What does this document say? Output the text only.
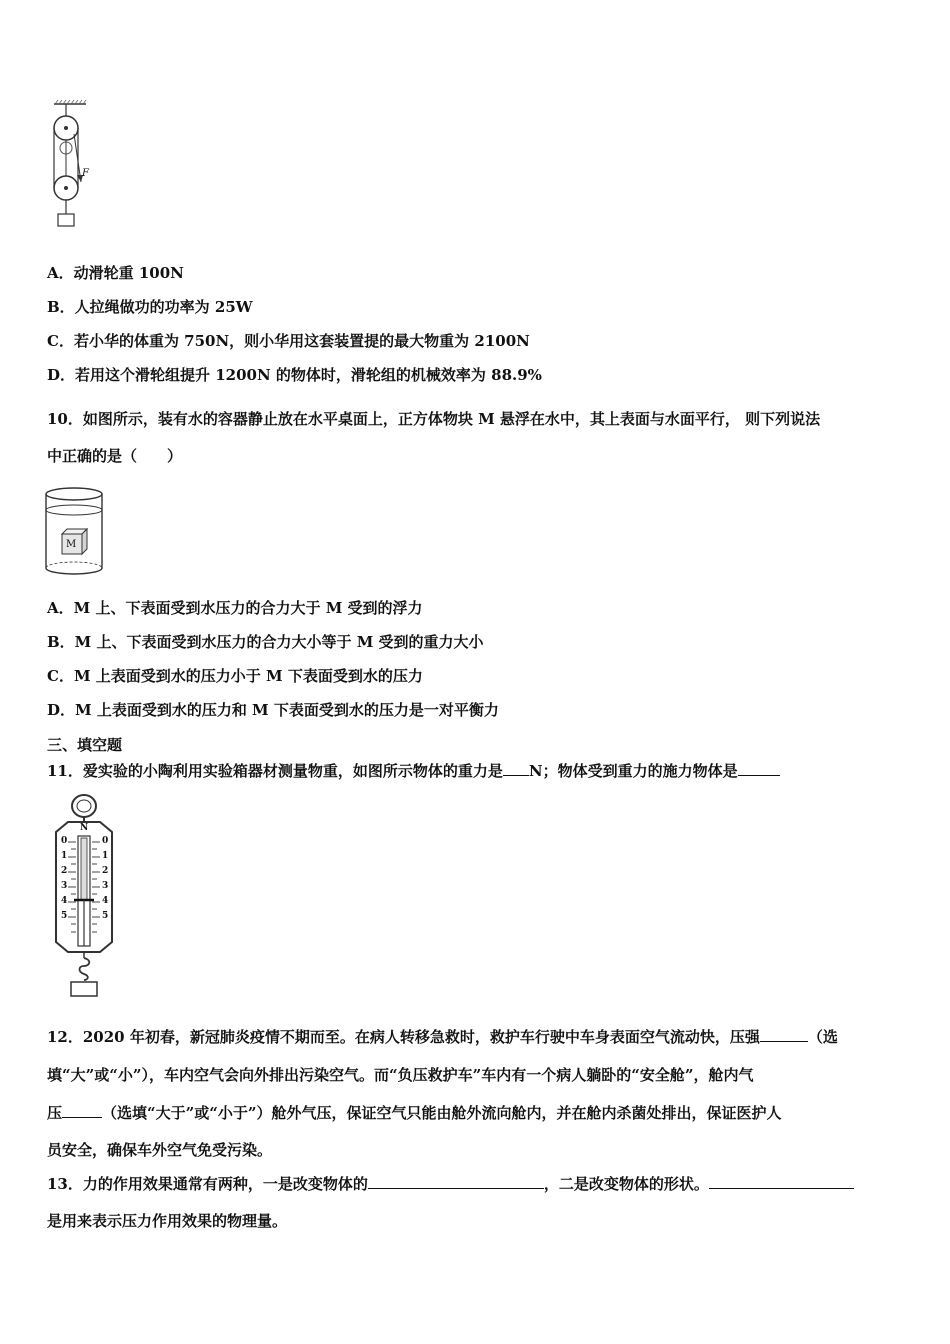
F
A．动滑轮重 100N
B．人拉绳做功的功率为 25W
C．若小华的体重为 750N，则小华用这套装置提的最大物重为 2100N
D．若用这个滑轮组提升 1200N 的物体时，滑轮组的机械效率为 88.9%
10．如图所示，装有水的容器静止放在水平桌面上，正方体物块 M 悬浮在水中，其上表面与水面平行， 则下列说法
中正确的是（　　）
M
A．M 上、下表面受到水压力的合力大于 M 受到的浮力
B．M 上、下表面受到水压力的合力大小等于 M 受到的重力大小
C．M 上表面受到水的压力小于 M 下表面受到水的压力
D．M 上表面受到水的压力和 M 下表面受到水的压力是一对平衡力
三、填空题
11．爱实验的小陶利用实验箱器材测量物重，如图所示物体的重力是 N；物体受到重力的施力物体是
N
0
1
2
3
4
5
0
1
2
3
4
5
12．2020 年初春，新冠肺炎疫情不期而至。在病人转移急救时，救护车行驶中车身表面空气流动快，压强	（选
填“大”或“小”），车内空气会向外排出污染空气。而“负压救护车”车内有一个病人躺卧的“安全舱”，舱内气
压	（选填“大于”或“小于”）舱外气压，保证空气只能由舱外流向舱内，并在舱内杀菌处排出，保证医护人
员安全，确保车外空气免受污染。
13．力的作用效果通常有两种，一是改变物体的	，二是改变物体的形状。
是用来表示压力作用效果的物理量。
